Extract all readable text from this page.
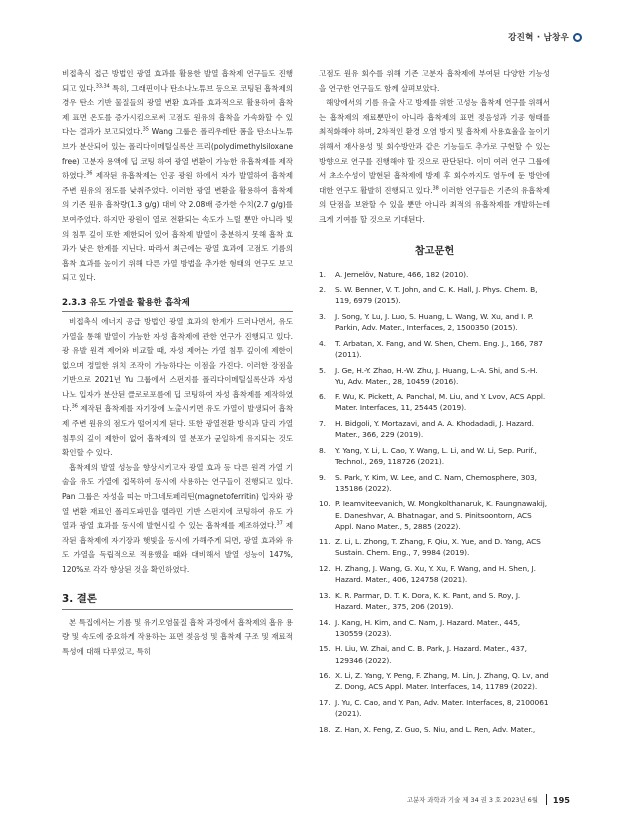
강진혁 · 남창우

비접촉식 접근 방법인 광열 효과를 활용한 발열 흡착제 연구들도 진행되고 있다.$^{33,34}$ 특히, 그래핀이나 탄소나노튜브 등으로 코팅된 흡착제의 경우 탄소 기반 물질들의 광열 변환 효과를 효과적으로 활용하여 흡착제 표면 온도를 증가시킴으로써 고점도 원유의 흡착을 가속화할 수 있다는 결과가 보고되었다.$^{35}$ Wang 그룹은 폴리우레탄 폼을 탄소나노튜브가 분산되어 있는 폴리다이메틸실록산 프리(polydimethylsiloxane free) 고분자 용액에 딥 코팅 하여 광열 변환이 가능한 유흡착제를 제작하였다.$^{36}$ 제작된 유흡착제는 인공 광원 하에서 자가 발열하여 흡착제 주변 원유의 점도를 낮춰주었다. 이러한 광열 변환을 활용하여 흡착제의 기존 원유 흡착량(1.3 g/g) 대비 약 2.08배 증가한 수치(2.7 g/g)를 보여주었다. 하지만 광원이 열로 전환되는 속도가 느릴 뿐만 아니라 빛의 침투 깊이 또한 제한되어 있어 흡착제 발열이 충분하지 못해 흡착 효과가 낮은 한계를 지닌다. 따라서 최근에는 광열 효과에 고점도 기름의 흡착 효과를 높이기 위해 다른 가열 방법을 추가한 형태의 연구도 보고되고 있다.

2.3.3 유도 가열을 활용한 흡착제

비접촉식 에너지 공급 방법인 광열 효과의 한계가 드러나면서, 유도 가열을 통해 발열이 가능한 자성 흡착제에 관한 연구가 진행되고 있다. 광 유발 원격 제어와 비교할 때, 자성 제어는 가열 침투 깊이에 제한이 없으며 정밀한 위치 조작이 가능하다는 이점을 가진다. 이러한 장점을 기반으로 2021년 Yu 그룹에서 스펀지를 폴리다이메틸실록산과 자성 나노 입자가 분산된 클로로포름에 딥 코팅하여 자성 흡착제를 제작하였다.$^{36}$ 제작된 흡착제를 자기장에 노출시키면 유도 가열이 발생되어 흡착제 주변 원유의 점도가 떨어지게 된다. 또한 광열전환 방식과 달리 가열 침투의 깊이 제한이 없어 흡착제의 열 분포가 균일하게 유지되는 것도 확인할 수 있다.

흡착제의 발열 성능을 향상시키고자 광열 효과 등 다른 원격 가열 기술을 유도 가열에 접목하여 동시에 사용하는 연구들이 진행되고 있다. Pan 그룹은 자성을 띠는 마그네토페리틴(magnetoferritin) 입자와 광열 변환 재료인 폴리도파민을 멜라민 기반 스펀지에 코팅하여 유도 가열과 광열 효과를 동시에 발현시킬 수 있는 흡착제를 제조하였다.$^{37}$ 제작된 흡착제에 자기장과 햇빛을 동시에 가해주게 되면, 광열 효과와 유도 가열을 독립적으로 적용했을 때와 대비해서 발열 성능이 147%, 120%로 각각 향상된 것을 확인하였다.

3. 결론

본 특집에서는 기름 및 유기오염물질 흡착 과정에서 흡착제의 흡유 용량 및 속도에 중요하게 작용하는 표면 젖음성 및 흡착제 구조 및 재료적 특성에 대해 다루었고, 특히

고점도 원유 회수를 위해 기존 고분자 흡착제에 부여된 다양한 기능성을 연구한 연구들도 함께 살펴보았다.

해양에서의 기름 유출 사고 방제를 위한 고성능 흡착제 연구를 위해서는 흡착제의 재료뿐만이 아니라 흡착제의 표면 젖음성과 기공 형태를 최적화해야 하며, 2차적인 환경 오염 방지 및 흡착제 사용효율을 높이기 위해서 재사용성 및 회수방안과 같은 기능들도 추가로 구현할 수 있는 방향으로 연구를 진행해야 할 것으로 판단된다. 이미 여러 연구 그룹에서 초소수성이 발현된 흡착제에 방제 후 회수까지도 염두에 둔 방안에 대한 연구도 활발히 진행되고 있다.$^{38}$ 이러한 연구들은 기존의 유흡착제의 단점을 보완할 수 있을 뿐만 아니라 최적의 유흡착제를 개발하는데 크게 기여를 할 것으로 기대된다.

참고문헌
1. A. Jernelöv, Nature, 466, 182 (2010).
2. S. W. Benner, V. T. John, and C. K. Hall, J. Phys. Chem. B, 119, 6979 (2015).
3. J. Song, Y. Lu, J. Luo, S. Huang, L. Wang, W. Xu, and I. P. Parkin, Adv. Mater., Interfaces, 2, 1500350 (2015).
4. T. Arbatan, X. Fang, and W. Shen, Chem. Eng. J., 166, 787 (2011).
5. J. Ge, H.-Y. Zhao, H.-W. Zhu, J. Huang, L.-A. Shi, and S.-H. Yu, Adv. Mater., 28, 10459 (2016).
6. F. Wu, K. Pickett, A. Panchal, M. Liu, and Y. Lvov, ACS Appl. Mater. Interfaces, 11, 25445 (2019).
7. H. Bidgoli, Y. Mortazavi, and A. A. Khodadadi, J. Hazard. Mater., 366, 229 (2019).
8. Y. Yang, Y. Li, L. Cao, Y. Wang, L. Li, and W. Li, Sep. Purif., Technol., 269, 118726 (2021).
9. S. Park, Y. Kim, W. Lee, and C. Nam, Chemosphere, 303, 135186 (2022).
10. P. Ieamviteevanich, W. Mongkolthanaruk, K. Faungnawakij, E. Daneshvar, A. Bhatnagar, and S. Pinitsoontorn, ACS Appl. Nano Mater., 5, 2885 (2022).
11. Z. Li, L. Zhong, T. Zhang, F. Qiu, X. Yue, and D. Yang, ACS Sustain. Chem. Eng., 7, 9984 (2019).
12. H. Zhang, J. Wang, G. Xu, Y. Xu, F. Wang, and H. Shen, J. Hazard. Mater., 406, 124758 (2021).
13. K. R. Parmar, D. T. K. Dora, K. K. Pant, and S. Roy, J. Hazard. Mater., 375, 206 (2019).
14. J. Kang, H. Kim, and C. Nam, J. Hazard. Mater., 445, 130559 (2023).
15. H. Liu, W. Zhai, and C. B. Park, J. Hazard. Mater., 437, 129346 (2022).
16. X. Li, Z. Yang, Y. Peng, F. Zhang, M. Lin, J. Zhang, Q. Lv, and Z. Dong, ACS Appl. Mater. Interfaces, 14, 11789 (2022).
17. J. Yu, C. Cao, and Y. Pan, Adv. Mater. Interfaces, 8, 2100061 (2021).
18. Z. Han, X. Feng, Z. Guo, S. Niu, and L. Ren, Adv. Mater.,
고분자 과학과 기술 제 34 권 3 호 2023년 6월 195
